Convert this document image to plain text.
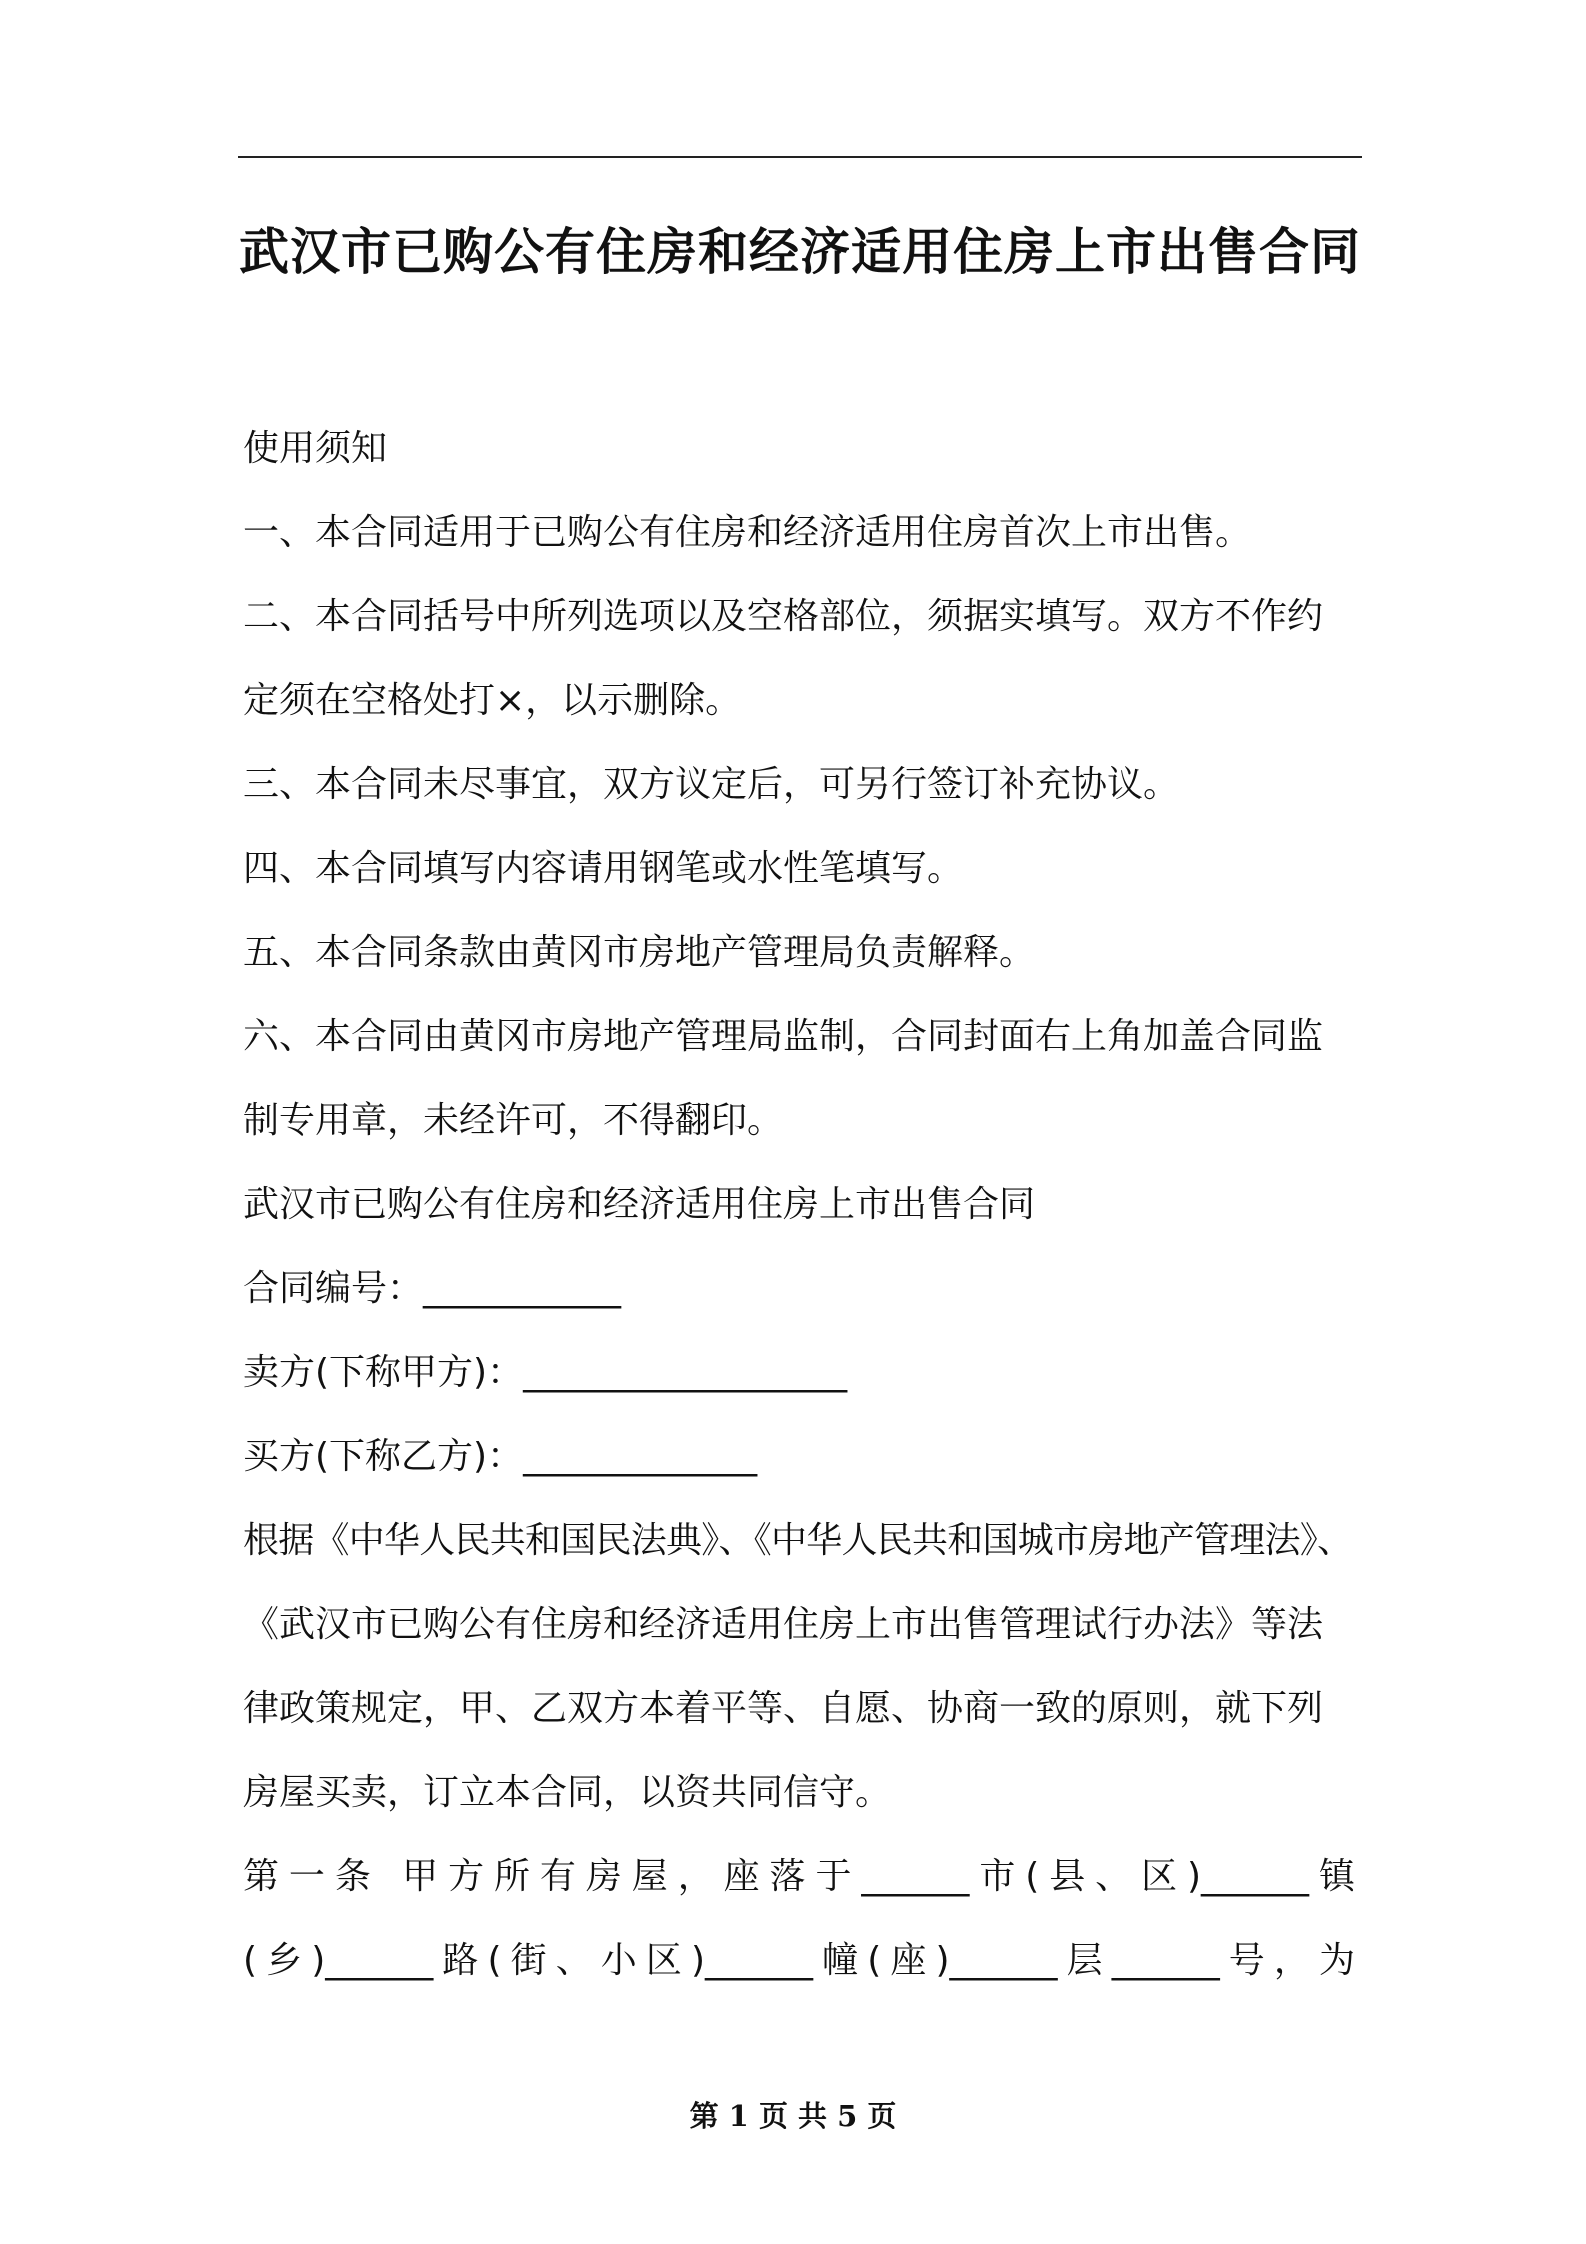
武汉市已购公有住房和经济适用住房上市出售合同

使用须知

一、本合同适用于已购公有住房和经济适用住房首次上市出售。

二、本合同括号中所列选项以及空格部位，须据实填写。双方不作约

定须在空格处打×，以示删除。

三、本合同未尽事宜，双方议定后，可另行签订补充协议。

四、本合同填写内容请用钢笔或水性笔填写。

五、本合同条款由黄冈市房地产管理局负责解释。

六、本合同由黄冈市房地产管理局监制，合同封面右上角加盖合同监

制专用章，未经许可，不得翻印。

武汉市已购公有住房和经济适用住房上市出售合同

合同编号：___________

卖方(下称甲方)：__________________

买方(下称乙方)：_____________

根据《中华人民共和国民法典》、《中华人民共和国城市房地产管理法》、

《武汉市已购公有住房和经济适用住房上市出售管理试行办法》等法

律政策规定，甲、乙双方本着平等、自愿、协商一致的原则，就下列

房屋买卖，订立本合同，以资共同信守。

第一条 甲方所有房屋，座落于______市(县、区)______镇

(乡)______路(街、小区)______幢(座)______层______号，为

第 1 页 共 5 页
